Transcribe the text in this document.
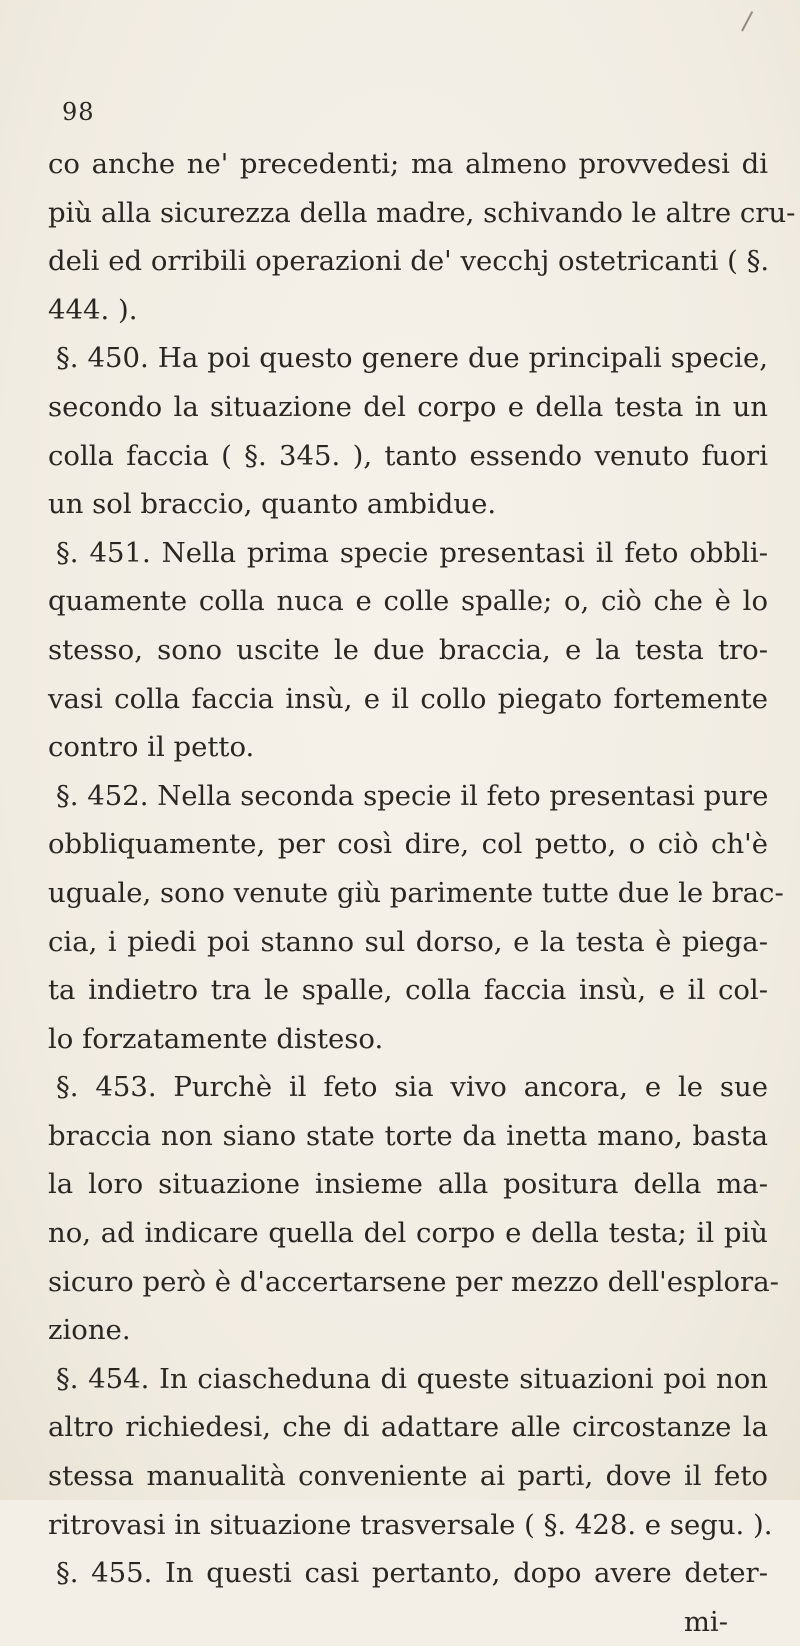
98
co anche ne' precedenti; ma almeno provvedesi di
più alla sicurezza della madre, schivando le altre cru-
deli ed orribili operazioni de' vecchj ostetricanti ( §.
444. ).
§. 450. Ha poi questo genere due principali specie,
secondo la situazione del corpo e della testa in un
colla faccia ( §. 345. ), tanto essendo venuto fuori
un sol braccio, quanto ambidue.
§. 451. Nella prima specie presentasi il feto obbli-
quamente colla nuca e colle spalle; o, ciò che è lo
stesso, sono uscite le due braccia, e la testa tro-
vasi colla faccia insù, e il collo piegato fortemente
contro il petto.
§. 452. Nella seconda specie il feto presentasi pure
obbliquamente, per così dire, col petto, o ciò ch'è
uguale, sono venute giù parimente tutte due le brac-
cia, i piedi poi stanno sul dorso, e la testa è piega-
ta indietro tra le spalle, colla faccia insù, e il col-
lo forzatamente disteso.
§. 453. Purchè il feto sia vivo ancora, e le sue
braccia non siano state torte da inetta mano, basta
la loro situazione insieme alla positura della ma-
no, ad indicare quella del corpo e della testa; il più
sicuro però è d'accertarsene per mezzo dell'esplora-
zione.
§. 454. In ciascheduna di queste situazioni poi non
altro richiedesi, che di adattare alle circostanze la
stessa manualità conveniente ai parti, dove il feto
ritrovasi in situazione trasversale ( §. 428. e segu. ).
§. 455. In questi casi pertanto, dopo avere deter-
mi-
